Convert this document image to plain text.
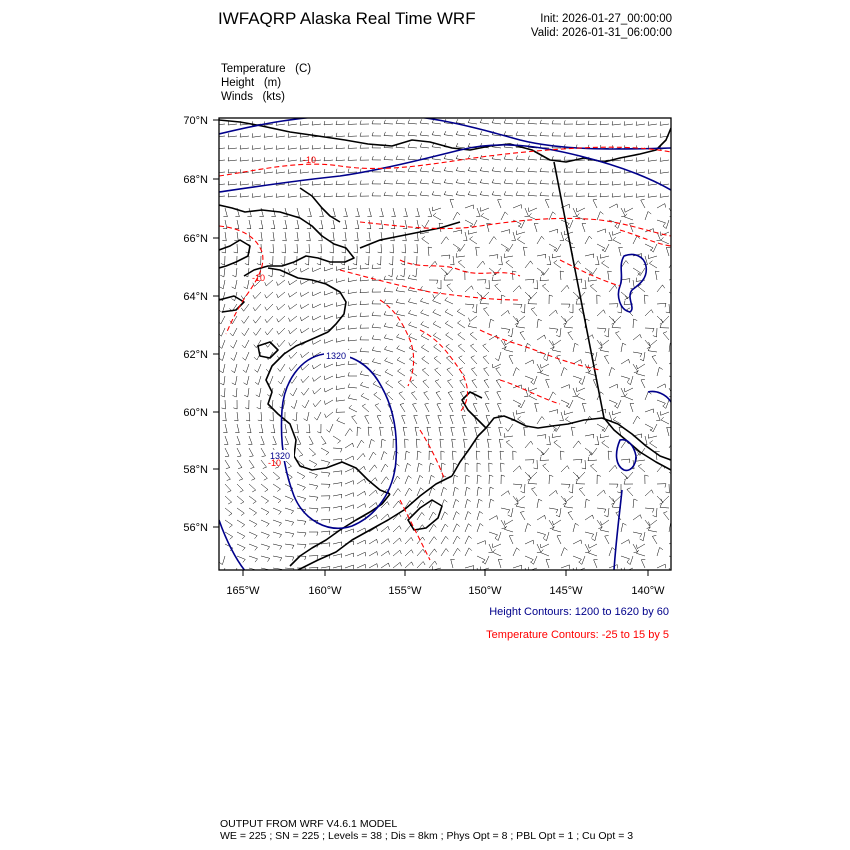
IWFAQRP Alaska Real Time WRF	Init: 2026-01-27_00:00:00
Valid: 2026-01-31_06:00:00
Temperature (C)
Height (m)
Winds (kts)
1320
1320
-10
-10
-10
70°N
68°N
66°N
64°N
62°N
60°N
58°N
56°N
165°W	160°W	155°W	150°W	145°W	140°W
Height Contours: 1200 to 1620 by 60
Temperature Contours: -25 to 15 by 5
OUTPUT FROM WRF V4.6.1 MODEL
WE = 225 ; SN = 225 ; Levels = 38 ; Dis = 8km ; Phys Opt = 8 ; PBL Opt = 1 ; Cu Opt = 3
